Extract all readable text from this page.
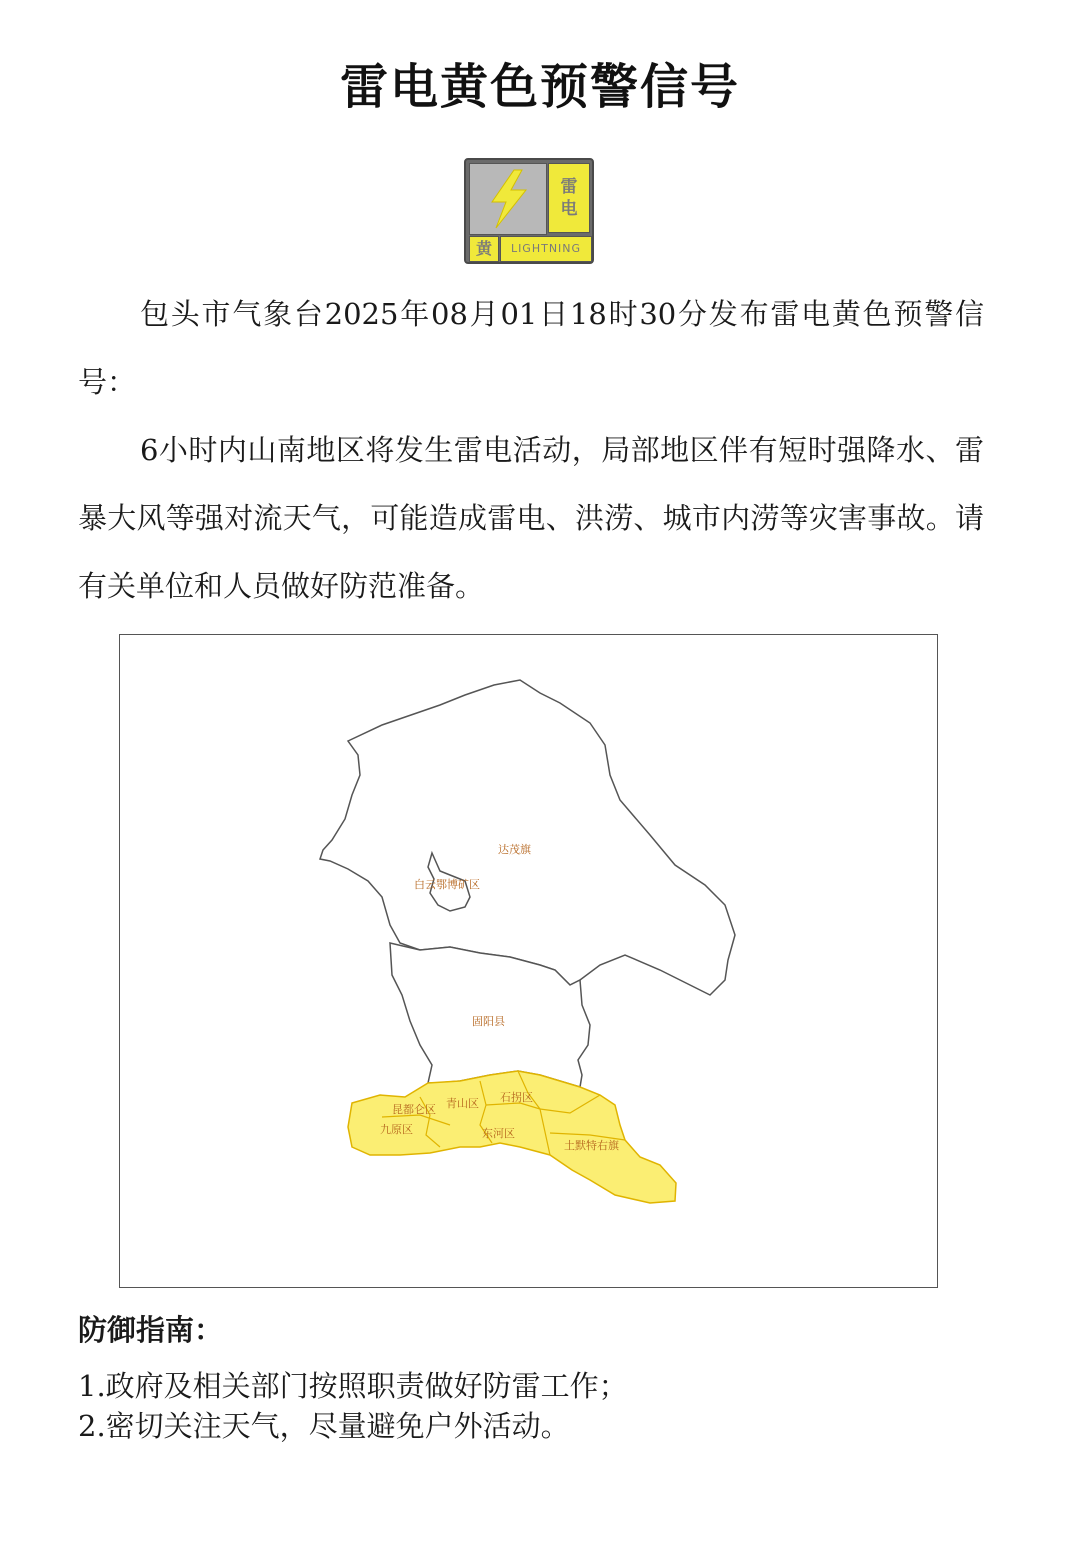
雷电黄色预警信号
雷
电
黄	LIGHTNING
包头市气象台2025年08月01日18时30分发布雷电黄色预警信号：
6小时内山南地区将发生雷电活动，局部地区伴有短时强降水、雷暴大风等强对流天气，可能造成雷电、洪涝、城市内涝等灾害事故。请有关单位和人员做好防范准备。
达茂旗
白云鄂博矿区
固阳县
石拐区
昆都仑区 青山区
九原区	东河区
土默特右旗
防御指南：
1.政府及相关部门按照职责做好防雷工作；
2.密切关注天气，尽量避免户外活动。
